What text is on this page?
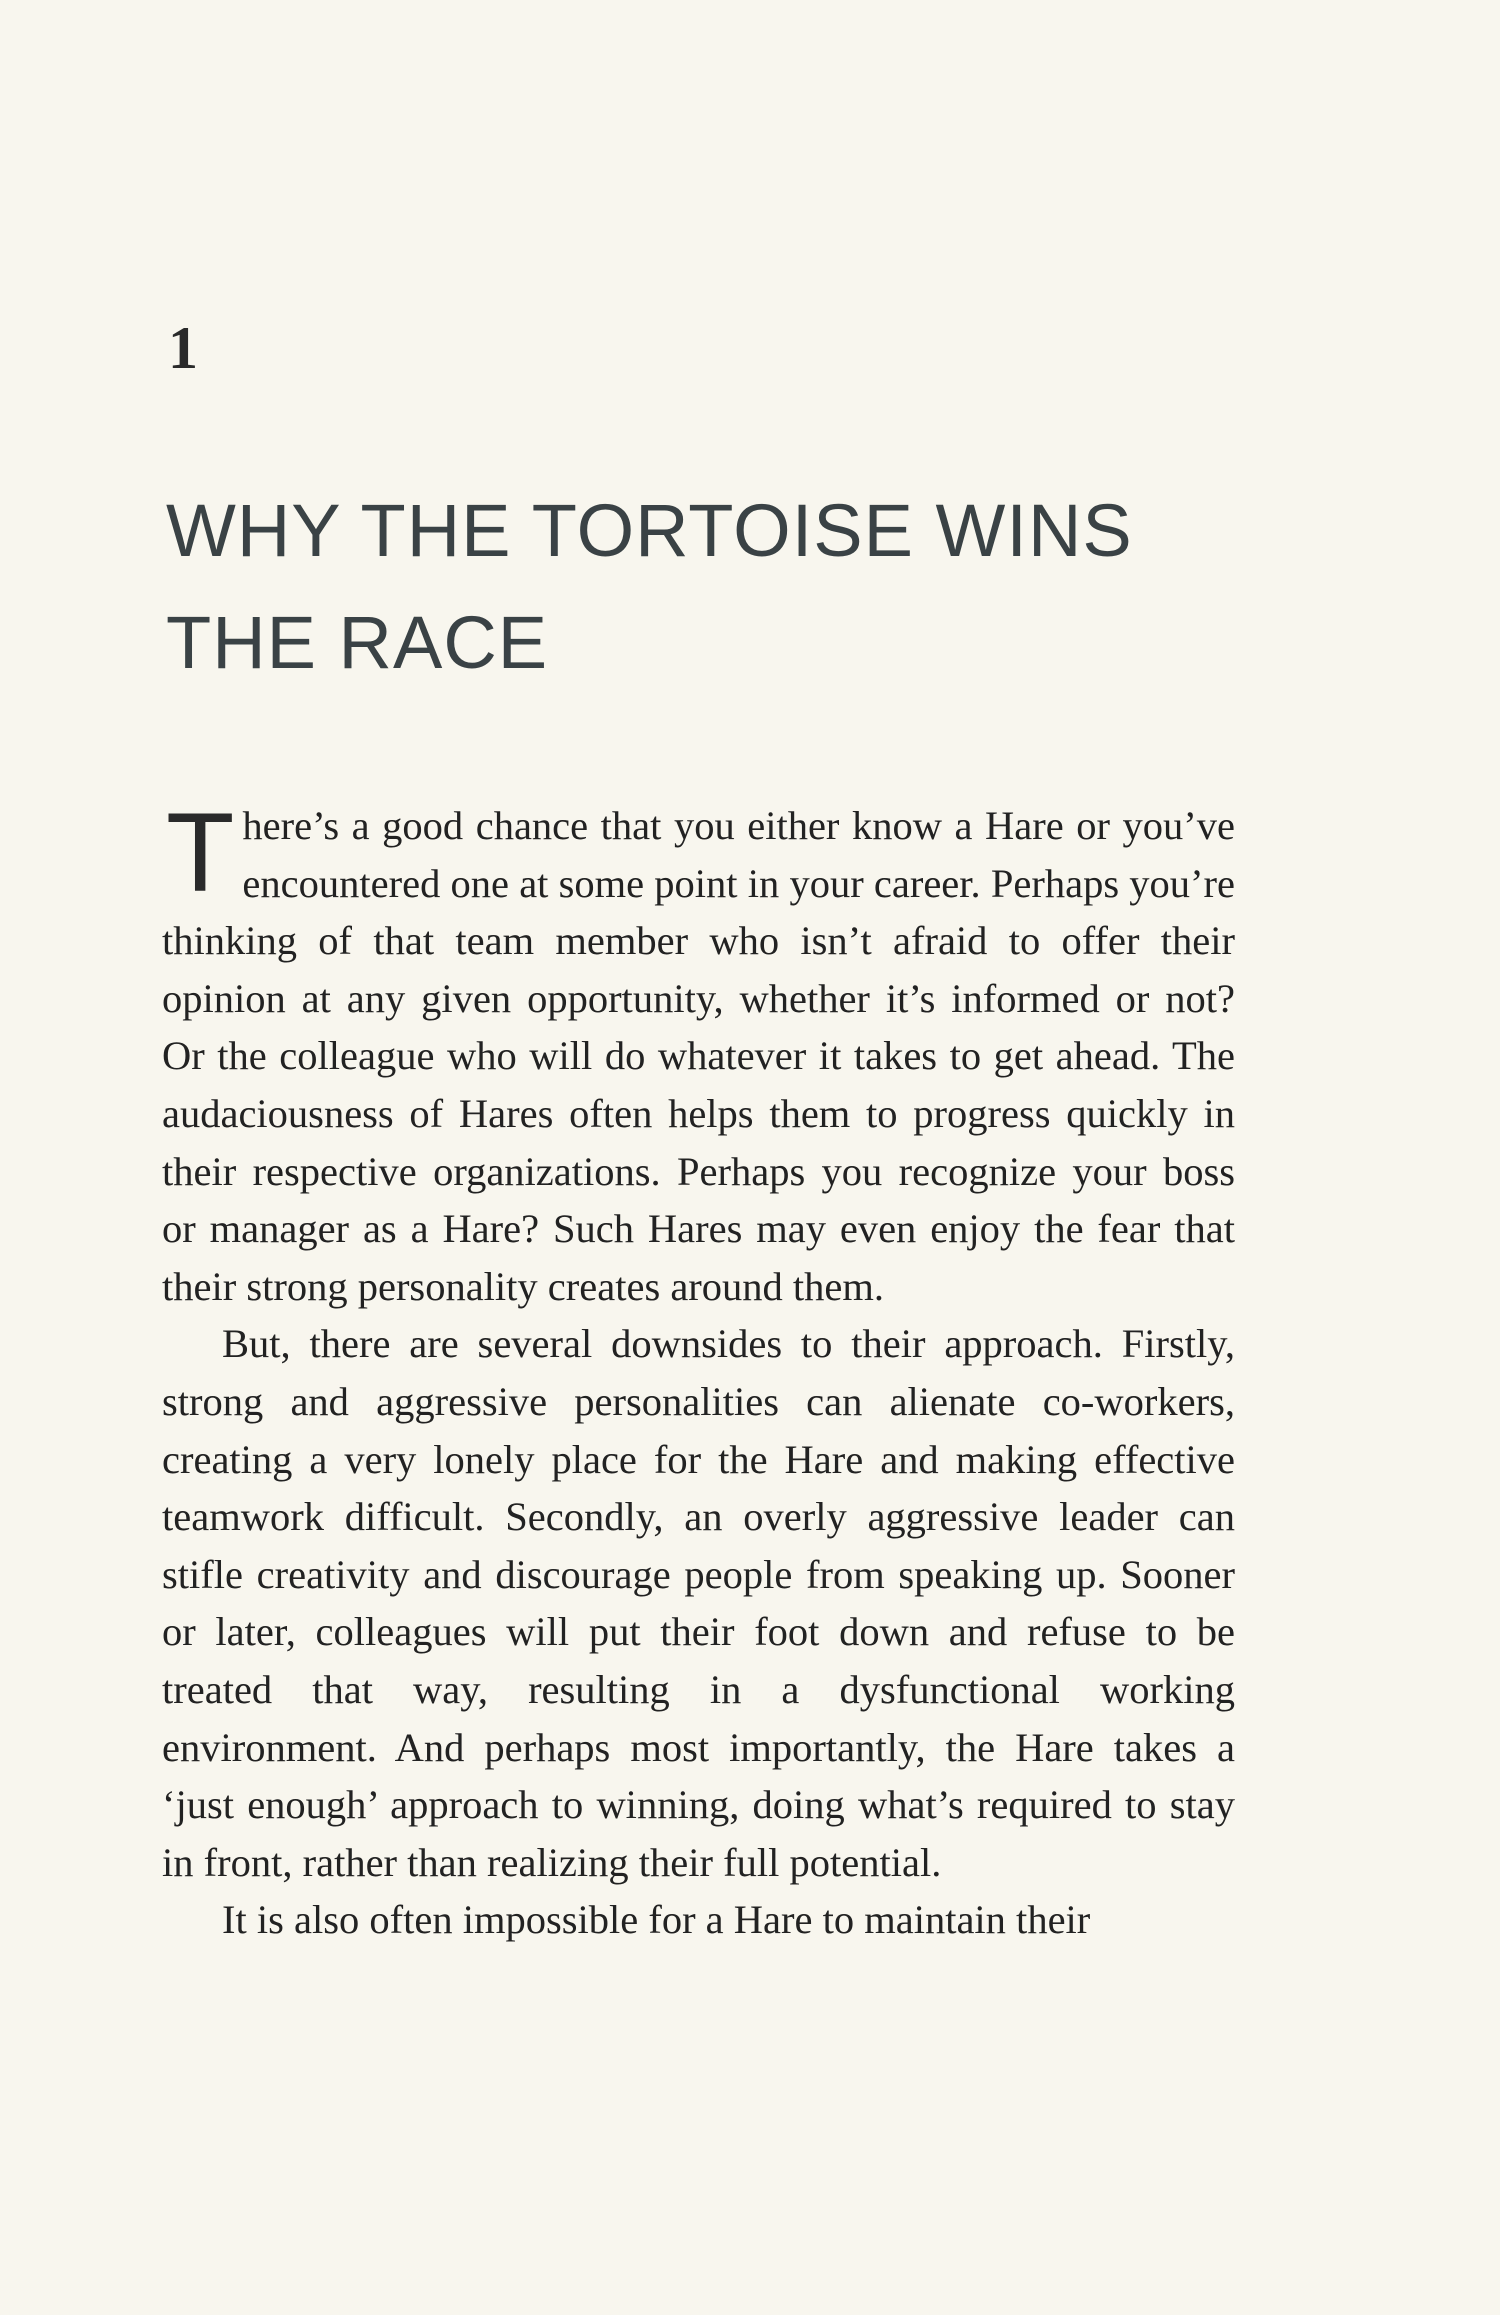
1
WHY THE TORTOISE WINS THE RACE

There’s a good chance that you either know a Hare or you’ve encountered one at some point in your career. Perhaps you’re thinking of that team member who isn’t afraid to offer their opinion at any given opportunity, whether it’s informed or not? Or the colleague who will do whatever it takes to get ahead. The audaciousness of Hares often helps them to progress quickly in their respective organizations. Perhaps you recognize your boss or manager as a Hare? Such Hares may even enjoy the fear that their strong personality creates around them.

But, there are several downsides to their approach. Firstly, strong and aggressive personalities can alienate co-workers, creating a very lonely place for the Hare and making effective teamwork difficult. Secondly, an overly aggressive leader can stifle creativity and discourage people from speaking up. Sooner or later, colleagues will put their foot down and refuse to be treated that way, resulting in a dysfunctional working environment. And perhaps most importantly, the Hare takes a ‘just enough’ approach to winning, doing what’s required to stay in front, rather than realizing their full potential.

It is also often impossible for a Hare to maintain their
